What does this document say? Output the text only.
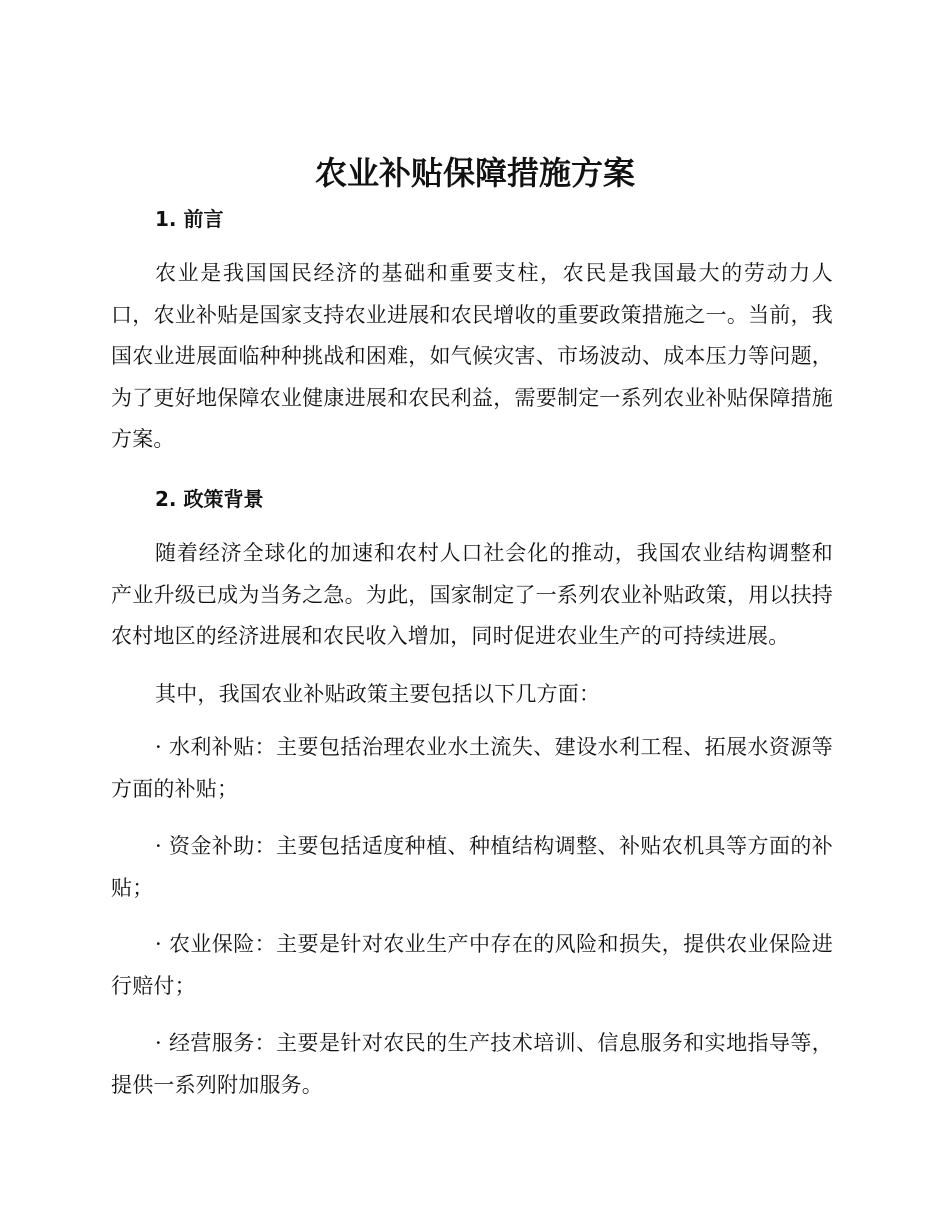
农业补贴保障措施方案
1. 前言

农业是我国国民经济的基础和重要支柱，农民是我国最大的劳动力人口，农业补贴是国家支持农业进展和农民增收的重要政策措施之一。当前，我国农业进展面临种种挑战和困难，如气候灾害、市场波动、成本压力等问题，为了更好地保障农业健康进展和农民利益，需要制定一系列农业补贴保障措施方案。

2. 政策背景

随着经济全球化的加速和农村人口社会化的推动，我国农业结构调整和产业升级已成为当务之急。为此，国家制定了一系列农业补贴政策，用以扶持农村地区的经济进展和农民收入增加，同时促进农业生产的可持续进展。

其中，我国农业补贴政策主要包括以下几方面：

· 水利补贴：主要包括治理农业水土流失、建设水利工程、拓展水资源等方面的补贴；

· 资金补助：主要包括适度种植、种植结构调整、补贴农机具等方面的补贴；

· 农业保险：主要是针对农业生产中存在的风险和损失，提供农业保险进行赔付；

· 经营服务：主要是针对农民的生产技术培训、信息服务和实地指导等，提供一系列附加服务。
